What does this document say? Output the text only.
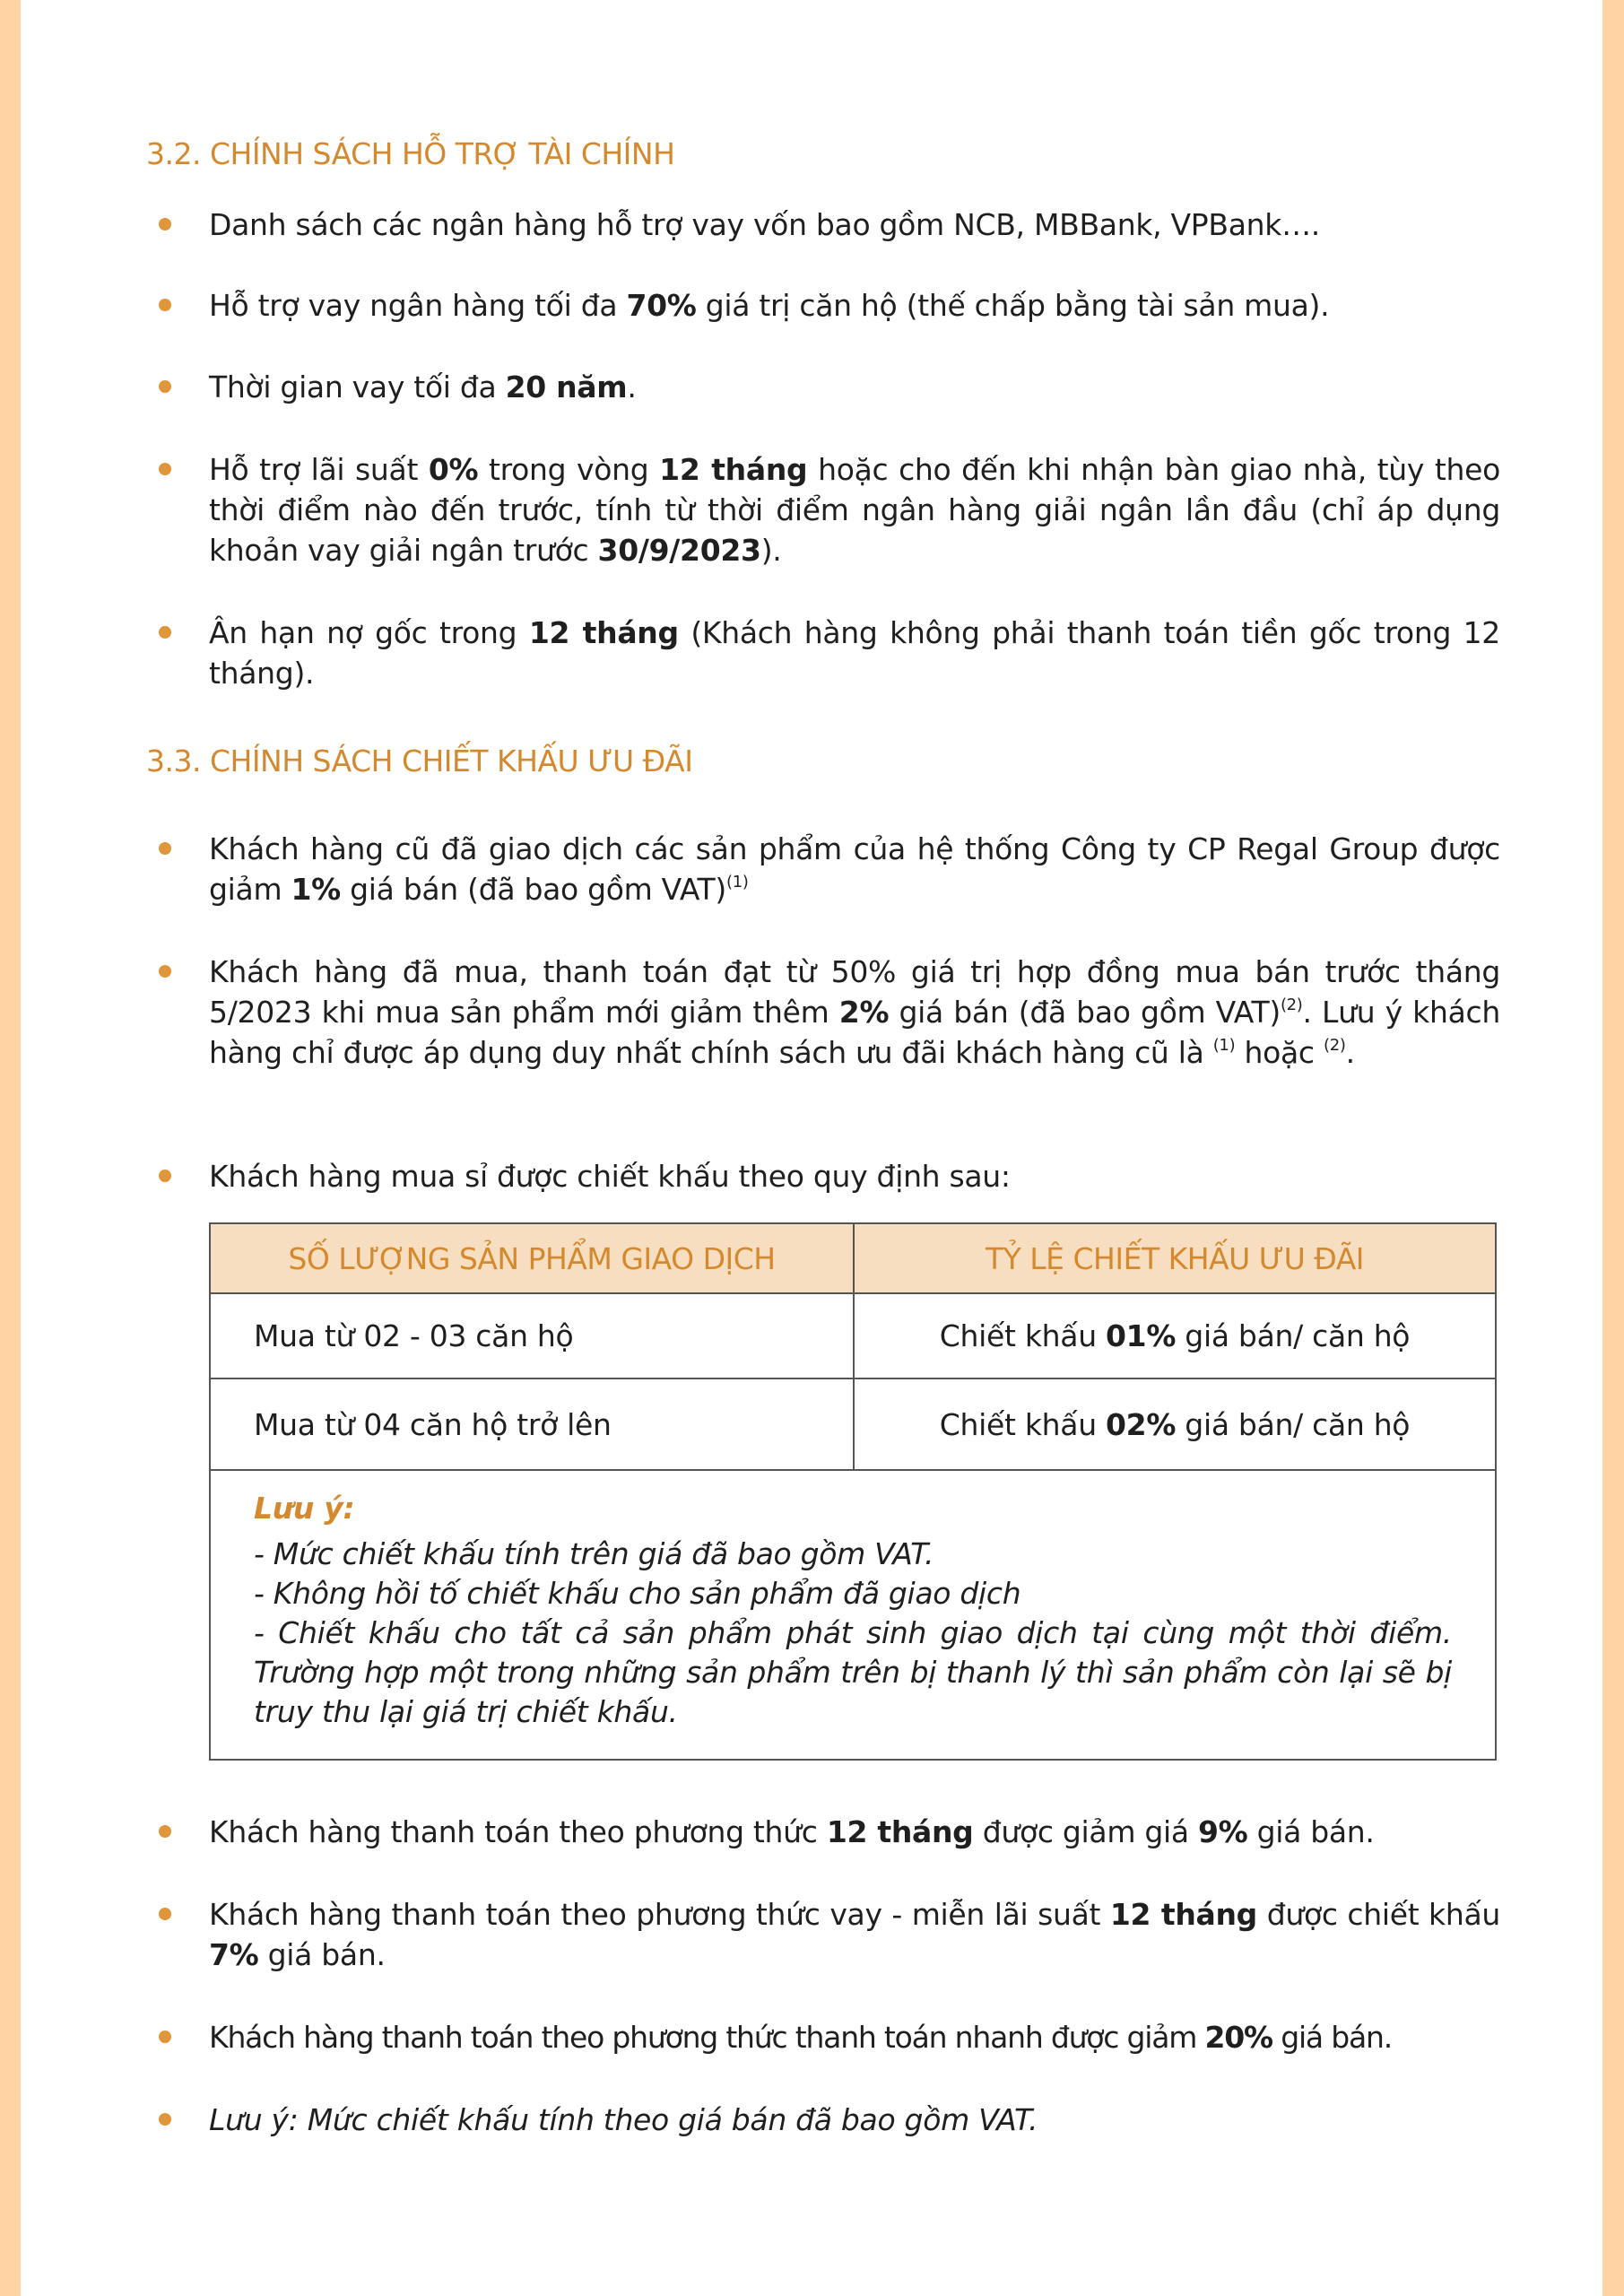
3.2. CHÍNH SÁCH HỖ TRỢ TÀI CHÍNH
Danh sách các ngân hàng hỗ trợ vay vốn bao gồm NCB, MBBank, VPBank….
Hỗ trợ vay ngân hàng tối đa 70% giá trị căn hộ (thế chấp bằng tài sản mua).
Thời gian vay tối đa 20 năm.
Hỗ trợ lãi suất 0% trong vòng 12 tháng hoặc cho đến khi nhận bàn giao nhà, tùy theo thời điểm nào đến trước, tính từ thời điểm ngân hàng giải ngân lần đầu (chỉ áp dụng khoản vay giải ngân trước 30/9/2023).
Ân hạn nợ gốc trong 12 tháng (Khách hàng không phải thanh toán tiền gốc trong 12 tháng).
3.3. CHÍNH SÁCH CHIẾT KHẤU ƯU ĐÃI
Khách hàng cũ đã giao dịch các sản phẩm của hệ thống Công ty CP Regal Group được giảm 1% giá bán (đã bao gồm VAT)$^{(1)}$
Khách hàng đã mua, thanh toán đạt từ 50% giá trị hợp đồng mua bán trước tháng 5/2023 khi mua sản phẩm mới giảm thêm 2% giá bán (đã bao gồm VAT)$^{(2)}$. Lưu ý khách hàng chỉ được áp dụng duy nhất chính sách ưu đãi khách hàng cũ là $^{(1)}$ hoặc $^{(2)}$.
Khách hàng mua sỉ được chiết khấu theo quy định sau:
SỐ LƯỢNG SẢN PHẨM GIAO DỊCH	TỶ LỆ CHIẾT KHẤU ƯU ĐÃI
Mua từ 02 - 03 căn hộ	Chiết khấu 01% giá bán/ căn hộ
Mua từ 04 căn hộ trở lên	Chiết khấu 02% giá bán/ căn hộ

Lưu ý:
- Mức chiết khấu tính trên giá đã bao gồm VAT.
- Không hồi tố chiết khấu cho sản phẩm đã giao dịch
- Chiết khấu cho tất cả sản phẩm phát sinh giao dịch tại cùng một thời điểm. Trường hợp một trong những sản phẩm trên bị thanh lý thì sản phẩm còn lại sẽ bị truy thu lại giá trị chiết khấu.	
Khách hàng thanh toán theo phương thức 12 tháng được giảm giá 9% giá bán.
Khách hàng thanh toán theo phương thức vay - miễn lãi suất 12 tháng được chiết khấu 7% giá bán.
Khách hàng thanh toán theo phương thức thanh toán nhanh được giảm 20% giá bán.
Lưu ý: Mức chiết khấu tính theo giá bán đã bao gồm VAT.
